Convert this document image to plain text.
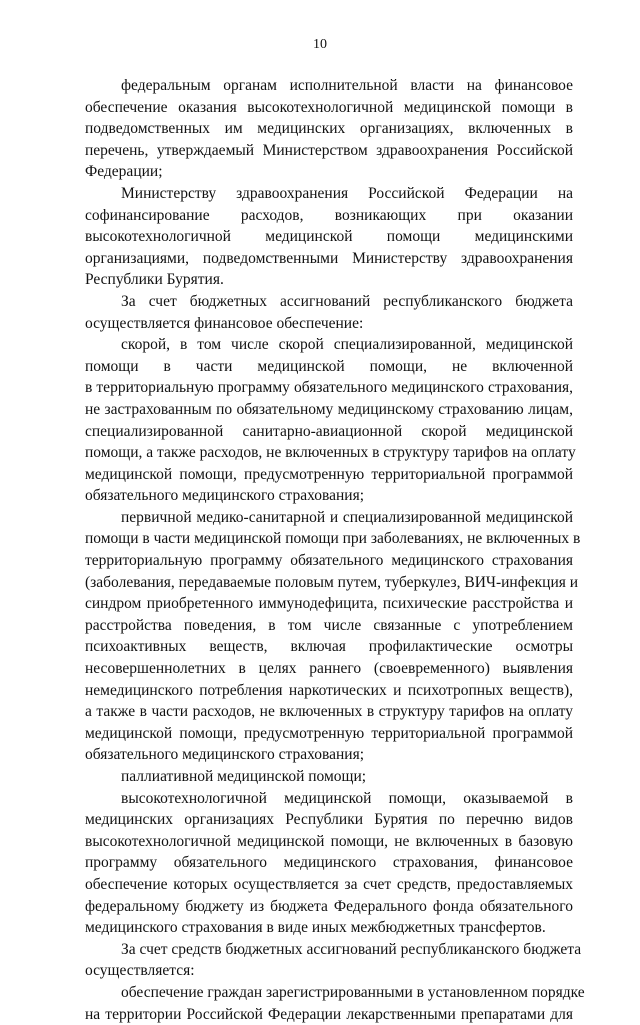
10
федеральным органам исполнительной власти на финансовое
обеспечение оказания высокотехнологичной медицинской помощи в
подведомственных им медицинских организациях, включенных в
перечень, утверждаемый Министерством здравоохранения Российской
Федерации;
Министерству здравоохранения Российской Федерации на
софинансирование расходов, возникающих при оказании
высокотехнологичной медицинской помощи медицинскими
организациями, подведомственными Министерству здравоохранения
Республики Бурятия.
За счет бюджетных ассигнований республиканского бюджета
осуществляется финансовое обеспечение:
скорой, в том числе скорой специализированной, медицинской
помощи в части медицинской помощи, не включенной
в территориальную программу обязательного медицинского страхования,
не застрахованным по обязательному медицинскому страхованию лицам,
специализированной санитарно-авиационной скорой медицинской
помощи, а также расходов, не включенных в структуру тарифов на оплату
медицинской помощи, предусмотренную территориальной программой
обязательного медицинского страхования;
первичной медико-санитарной и специализированной медицинской
помощи в части медицинской помощи при заболеваниях, не включенных в
территориальную программу обязательного медицинского страхования
(заболевания, передаваемые половым путем, туберкулез, ВИЧ-инфекция и
синдром приобретенного иммунодефицита, психические расстройства и
расстройства поведения, в том числе связанные с употреблением
психоактивных веществ, включая профилактические осмотры
несовершеннолетних в целях раннего (своевременного) выявления
немедицинского потребления наркотических и психотропных веществ),
а также в части расходов, не включенных в структуру тарифов на оплату
медицинской помощи, предусмотренную территориальной программой
обязательного медицинского страхования;
паллиативной медицинской помощи;
высокотехнологичной медицинской помощи, оказываемой в
медицинских организациях Республики Бурятия по перечню видов
высокотехнологичной медицинской помощи, не включенных в базовую
программу обязательного медицинского страхования, финансовое
обеспечение которых осуществляется за счет средств, предоставляемых
федеральному бюджету из бюджета Федерального фонда обязательного
медицинского страхования в виде иных межбюджетных трансфертов.
За счет средств бюджетных ассигнований республиканского бюджета
осуществляется:
обеспечение граждан зарегистрированными в установленном порядке
на территории Российской Федерации лекарственными препаратами для
